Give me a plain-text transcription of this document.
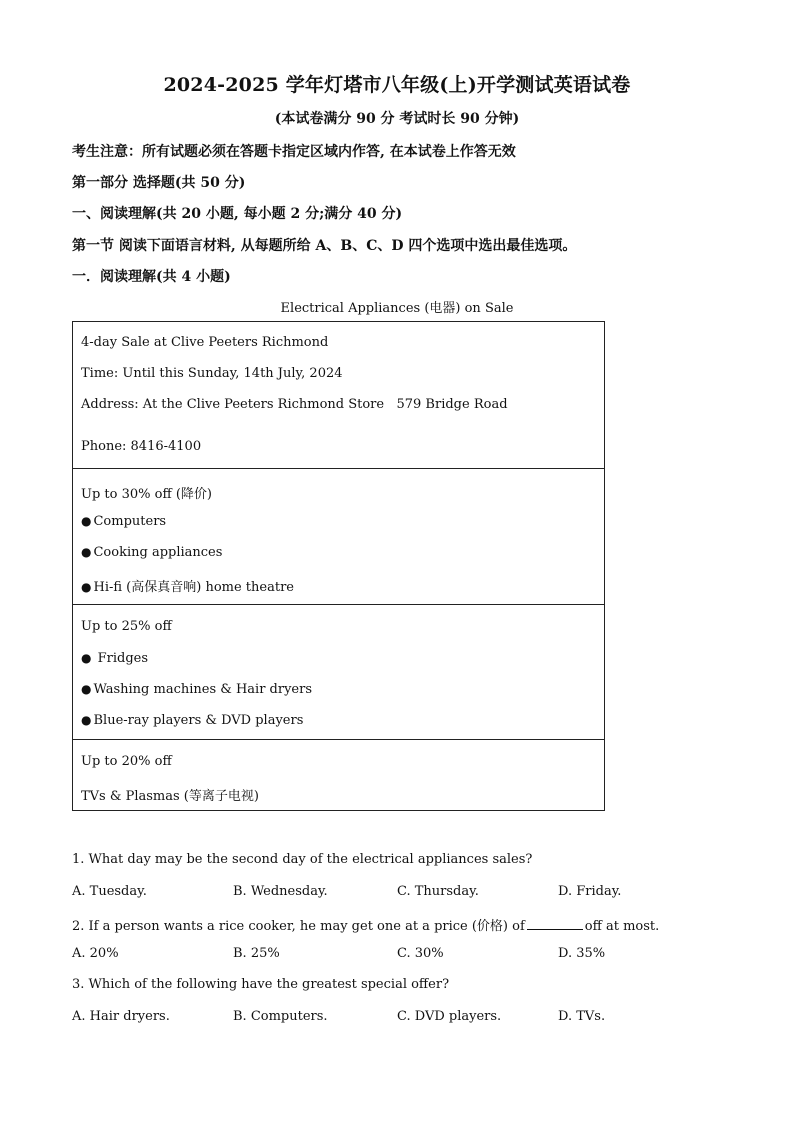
2024-2025 学年灯塔市八年级(上)开学测试英语试卷
(本试卷满分 90 分 考试时长 90 分钟)
考生注意：所有试题必须在答题卡指定区域内作答, 在本试卷上作答无效
第一部分 选择题(共 50 分)
一、阅读理解(共 20 小题, 每小题 2 分;满分 40 分)
第一节 阅读下面语言材料, 从每题所给 A、B、C、D 四个选项中选出最佳选项。
一．阅读理解(共 4 小题)
Electrical Appliances (电器) on Sale
4-day Sale at Clive Peeters Richmond
Time: Until this Sunday, 14th July, 2024
Address: At the Clive Peeters Richmond Store   579 Bridge Road
Phone: 8416-4100
Up to 30% off (降价)
● Computers
● Cooking appliances
● Hi-fi (高保真音响) home theatre
Up to 25% off
● Fridges
● Washing machines & Hair dryers
● Blue-ray players & DVD players
Up to 20% off
TVs & Plasmas (等离子电视)
1. What day may be the second day of the electrical appliances sales?
A. Tuesday.	B. Wednesday.	C. Thursday.	D. Friday.
2. If a person wants a rice cooker, he may get one at a price (价格) of	off at most.
A. 20%	B. 25%	C. 30%	D. 35%
3. Which of the following have the greatest special offer?
A. Hair dryers.	B. Computers.	C. DVD players.	D. TVs.
